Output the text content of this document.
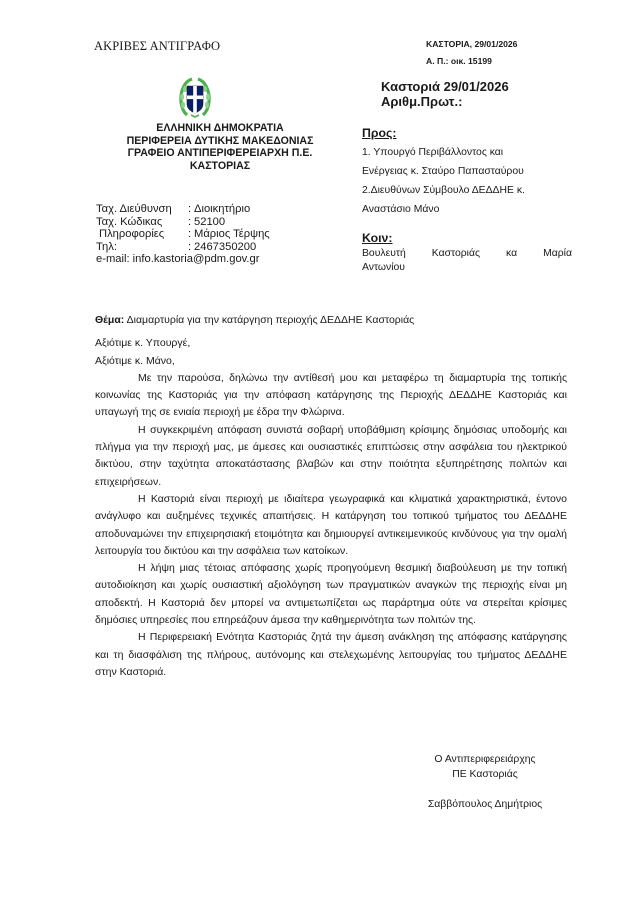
ΑΚΡΙΒΕΣ ΑΝΤΙΓΡΑΦΟ	ΚΑΣΤΟΡΙΑ, 29/01/2026
Α. Π.: οικ. 15199
Καστοριά 29/01/2026
Αριθμ.Πρωτ.:
ΕΛΛΗΝΙΚΗ ΔΗΜΟΚΡΑΤΙΑ
ΠΕΡΙΦΕΡΕΙΑ ΔΥΤΙΚΗΣ ΜΑΚΕΔΟΝΙΑΣ
ΓΡΑΦΕΙΟ ΑΝΤΙΠΕΡΙΦΕΡΕΙΑΡΧΗ Π.Ε.
ΚΑΣΤΟΡΙΑΣ
Ταχ. Διεύθυνση	: Διοικητήριο
Ταχ. Κώδικας	: 52100
Πληροφορίες	: Μάριος Τέρψης
Τηλ:	: 2467350200
e-mail: info.kastoria@pdm.gov.gr
Προς:
1. Υπουργό Περιβάλλοντος και
Ενέργειας κ. Σταύρο Παπασταύρου
2.Διευθύνων Σύμβουλο ΔΕΔΔΗΕ κ.
Αναστάσιο Μάνο
Κοιν:
Βουλευτή Καστοριάς κα Μαρία
Αντωνίου
Θέμα: Διαμαρτυρία για την κατάργηση περιοχής ΔΕΔΔΗΕ Καστοριάς

Αξιότιμε κ. Υπουργέ,

Αξιότιμε κ. Μάνο,

Με την παρούσα, δηλώνω την αντίθεσή μου και μεταφέρω τη διαμαρτυρία της τοπικής κοινωνίας της Καστοριάς για την απόφαση κατάργησης της Περιοχής ΔΕΔΔΗΕ Καστοριάς και υπαγωγή της σε ενιαία περιοχή με έδρα την Φλώρινα.

Η συγκεκριμένη απόφαση συνιστά σοβαρή υποβάθμιση κρίσιμης δημόσιας υποδομής και πλήγμα για την περιοχή μας, με άμεσες και ουσιαστικές επιπτώσεις στην ασφάλεια του ηλεκτρικού δικτύου, στην ταχύτητα αποκατάστασης βλαβών και στην ποιότητα εξυπηρέτησης πολιτών και επιχειρήσεων.

Η Καστοριά είναι περιοχή με ιδιαίτερα γεωγραφικά και κλιματικά χαρακτηριστικά, έντονο ανάγλυφο και αυξημένες τεχνικές απαιτήσεις. Η κατάργηση του τοπικού τμήματος του ΔΕΔΔΗΕ αποδυναμώνει την επιχειρησιακή ετοιμότητα και δημιουργεί αντικειμενικούς κινδύνους για την ομαλή λειτουργία του δικτύου και την ασφάλεια των κατοίκων.

Η λήψη μιας τέτοιας απόφασης χωρίς προηγούμενη θεσμική διαβούλευση με την τοπική αυτοδιοίκηση και χωρίς ουσιαστική αξιολόγηση των πραγματικών αναγκών της περιοχής είναι μη αποδεκτή. Η Καστοριά δεν μπορεί να αντιμετωπίζεται ως παράρτημα ούτε να στερείται κρίσιμες δημόσιες υπηρεσίες που επηρεάζουν άμεσα την καθημερινότητα των πολιτών της.

Η Περιφερειακή Ενότητα Καστοριάς ζητά την άμεση ανάκληση της απόφασης κατάργησης και τη διασφάλιση της πλήρους, αυτόνομης και στελεχωμένης λειτουργίας του τμήματος ΔΕΔΔΗΕ στην Καστοριά.

Ο Αντιπεριφερειάρχης
ΠΕ Καστοριάς
Σαββόπουλος Δημήτριος
